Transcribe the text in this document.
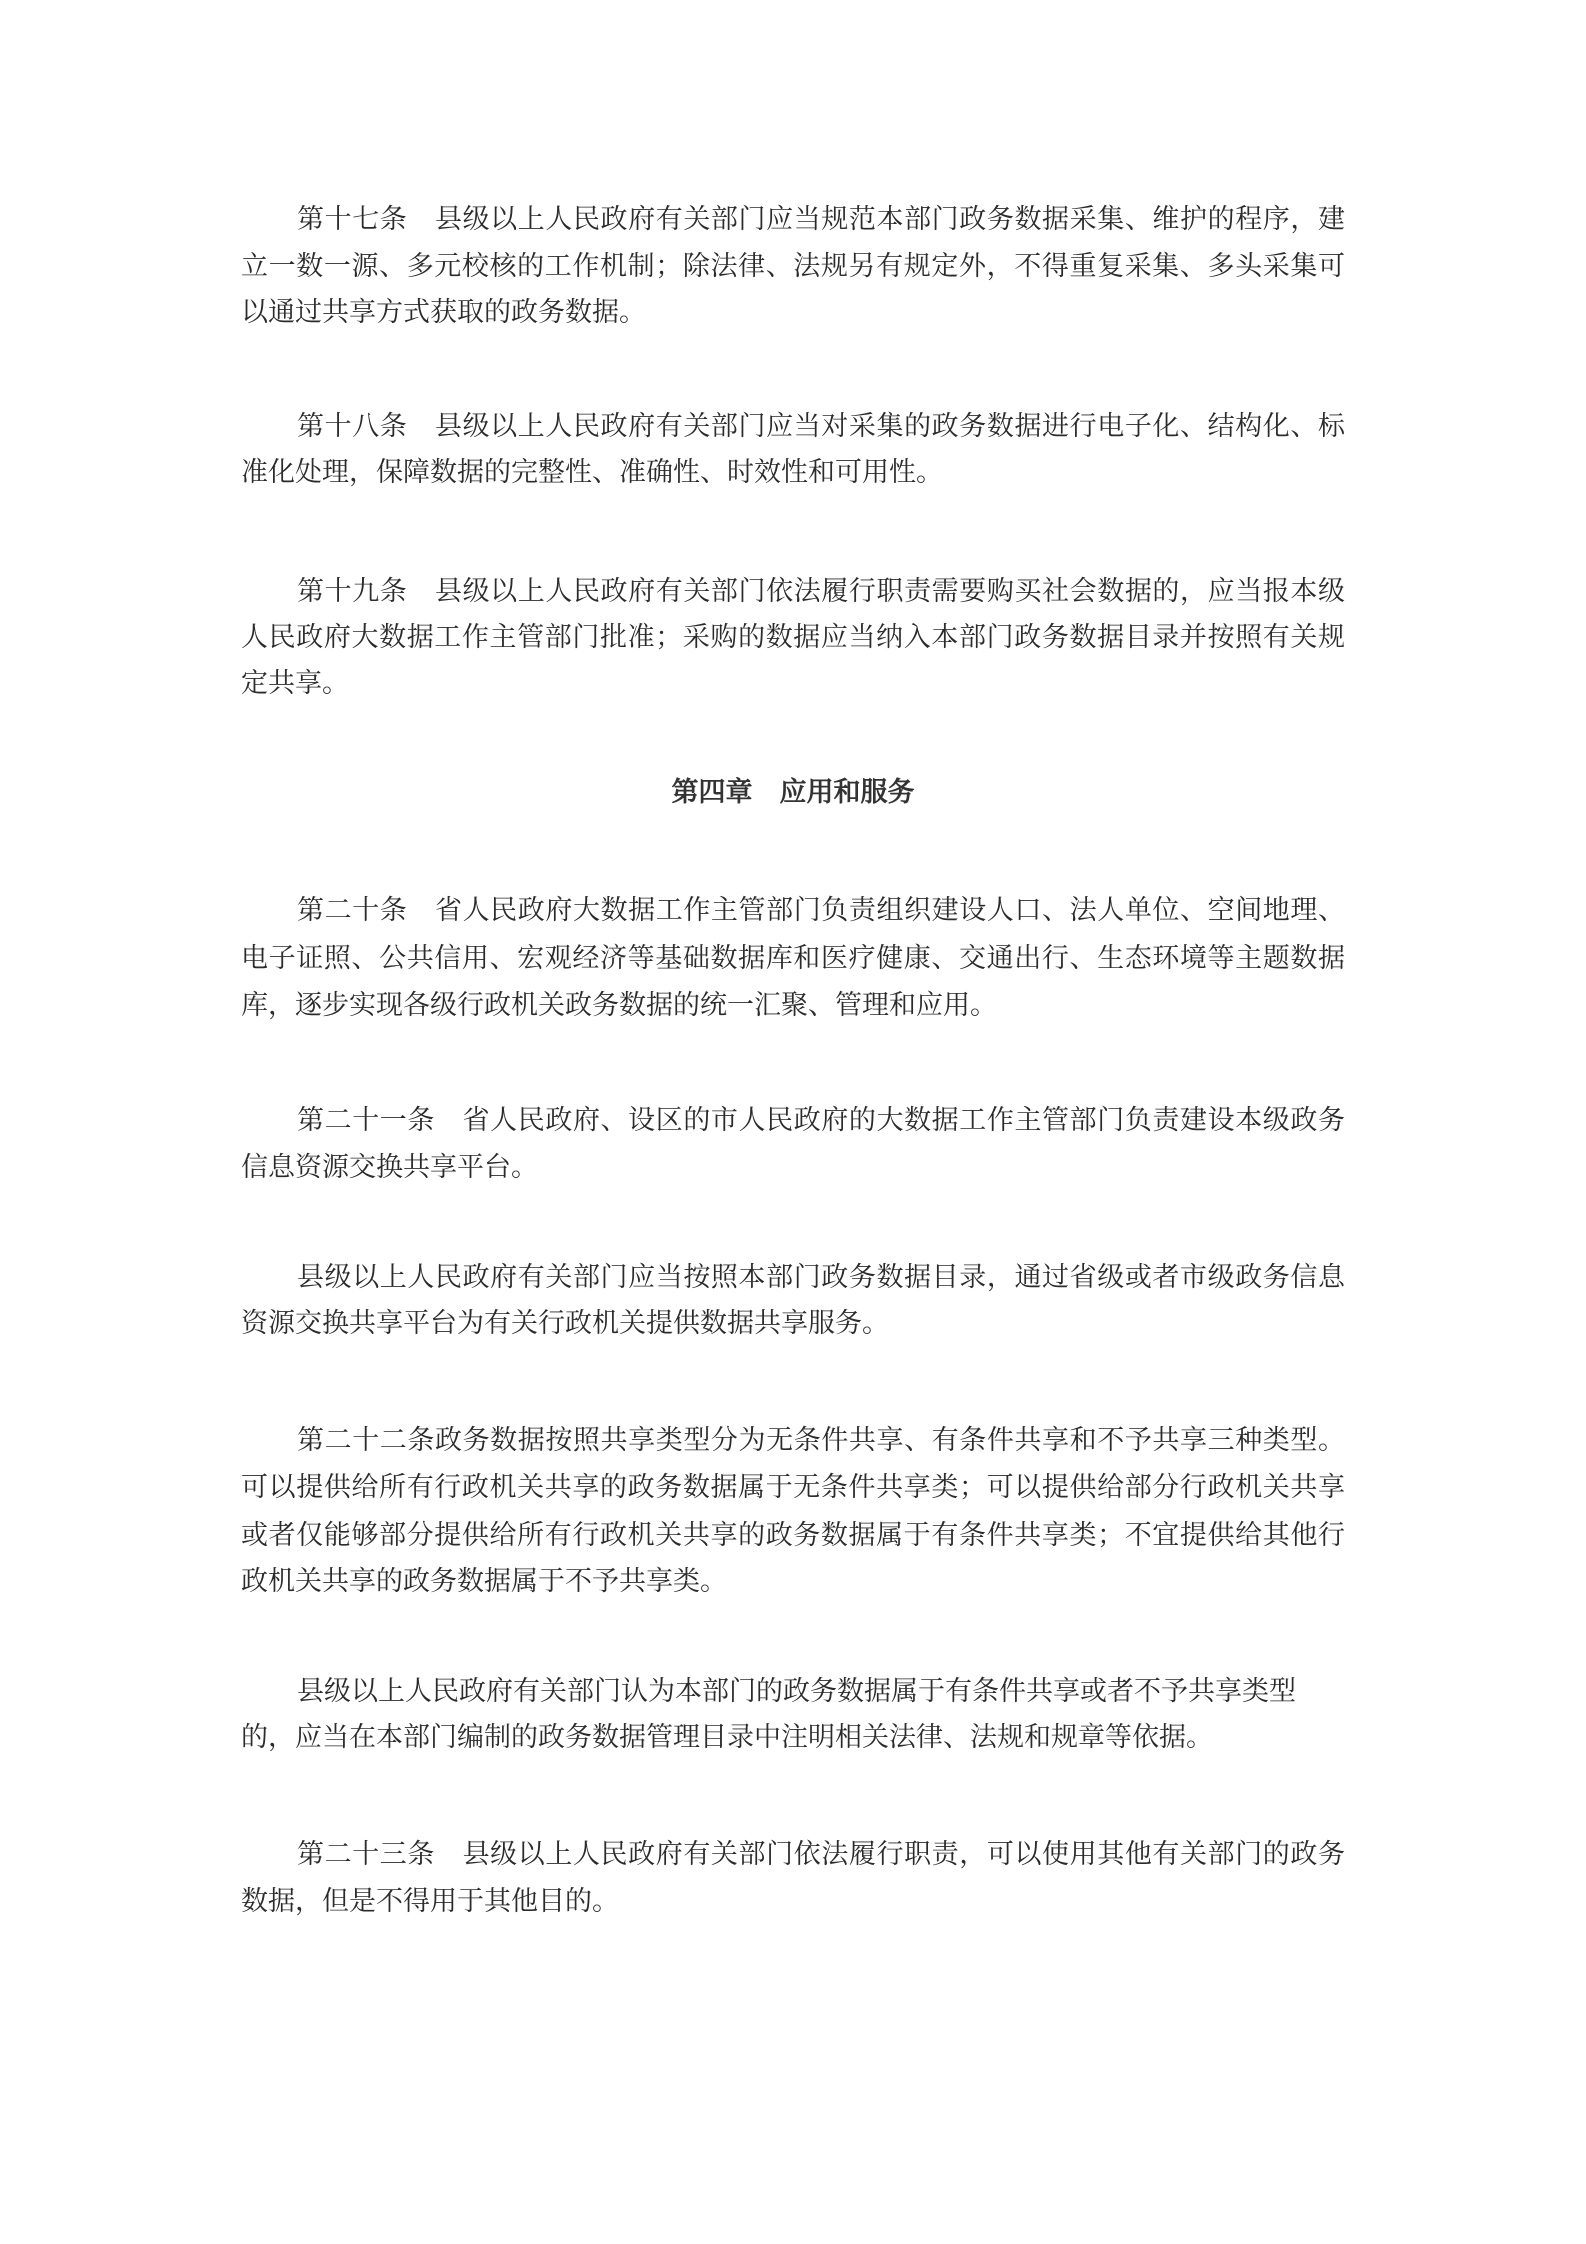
第十七条　县级以上人民政府有关部门应当规范本部门政务数据采集、维护的程序，建
立一数一源、多元校核的工作机制；除法律、法规另有规定外，不得重复采集、多头采集可
以通过共享方式获取的政务数据。
第十八条　县级以上人民政府有关部门应当对采集的政务数据进行电子化、结构化、标
准化处理，保障数据的完整性、准确性、时效性和可用性。
第十九条　县级以上人民政府有关部门依法履行职责需要购买社会数据的，应当报本级
人民政府大数据工作主管部门批准；采购的数据应当纳入本部门政务数据目录并按照有关规
定共享。
第四章　应用和服务
第二十条　省人民政府大数据工作主管部门负责组织建设人口、法人单位、空间地理、
电子证照、公共信用、宏观经济等基础数据库和医疗健康、交通出行、生态环境等主题数据
库，逐步实现各级行政机关政务数据的统一汇聚、管理和应用。
第二十一条　省人民政府、设区的市人民政府的大数据工作主管部门负责建设本级政务
信息资源交换共享平台。
县级以上人民政府有关部门应当按照本部门政务数据目录，通过省级或者市级政务信息
资源交换共享平台为有关行政机关提供数据共享服务。
第二十二条政务数据按照共享类型分为无条件共享、有条件共享和不予共享三种类型。
可以提供给所有行政机关共享的政务数据属于无条件共享类；可以提供给部分行政机关共享
或者仅能够部分提供给所有行政机关共享的政务数据属于有条件共享类；不宜提供给其他行
政机关共享的政务数据属于不予共享类。
县级以上人民政府有关部门认为本部门的政务数据属于有条件共享或者不予共享类型
的，应当在本部门编制的政务数据管理目录中注明相关法律、法规和规章等依据。
第二十三条　县级以上人民政府有关部门依法履行职责，可以使用其他有关部门的政务
数据，但是不得用于其他目的。
